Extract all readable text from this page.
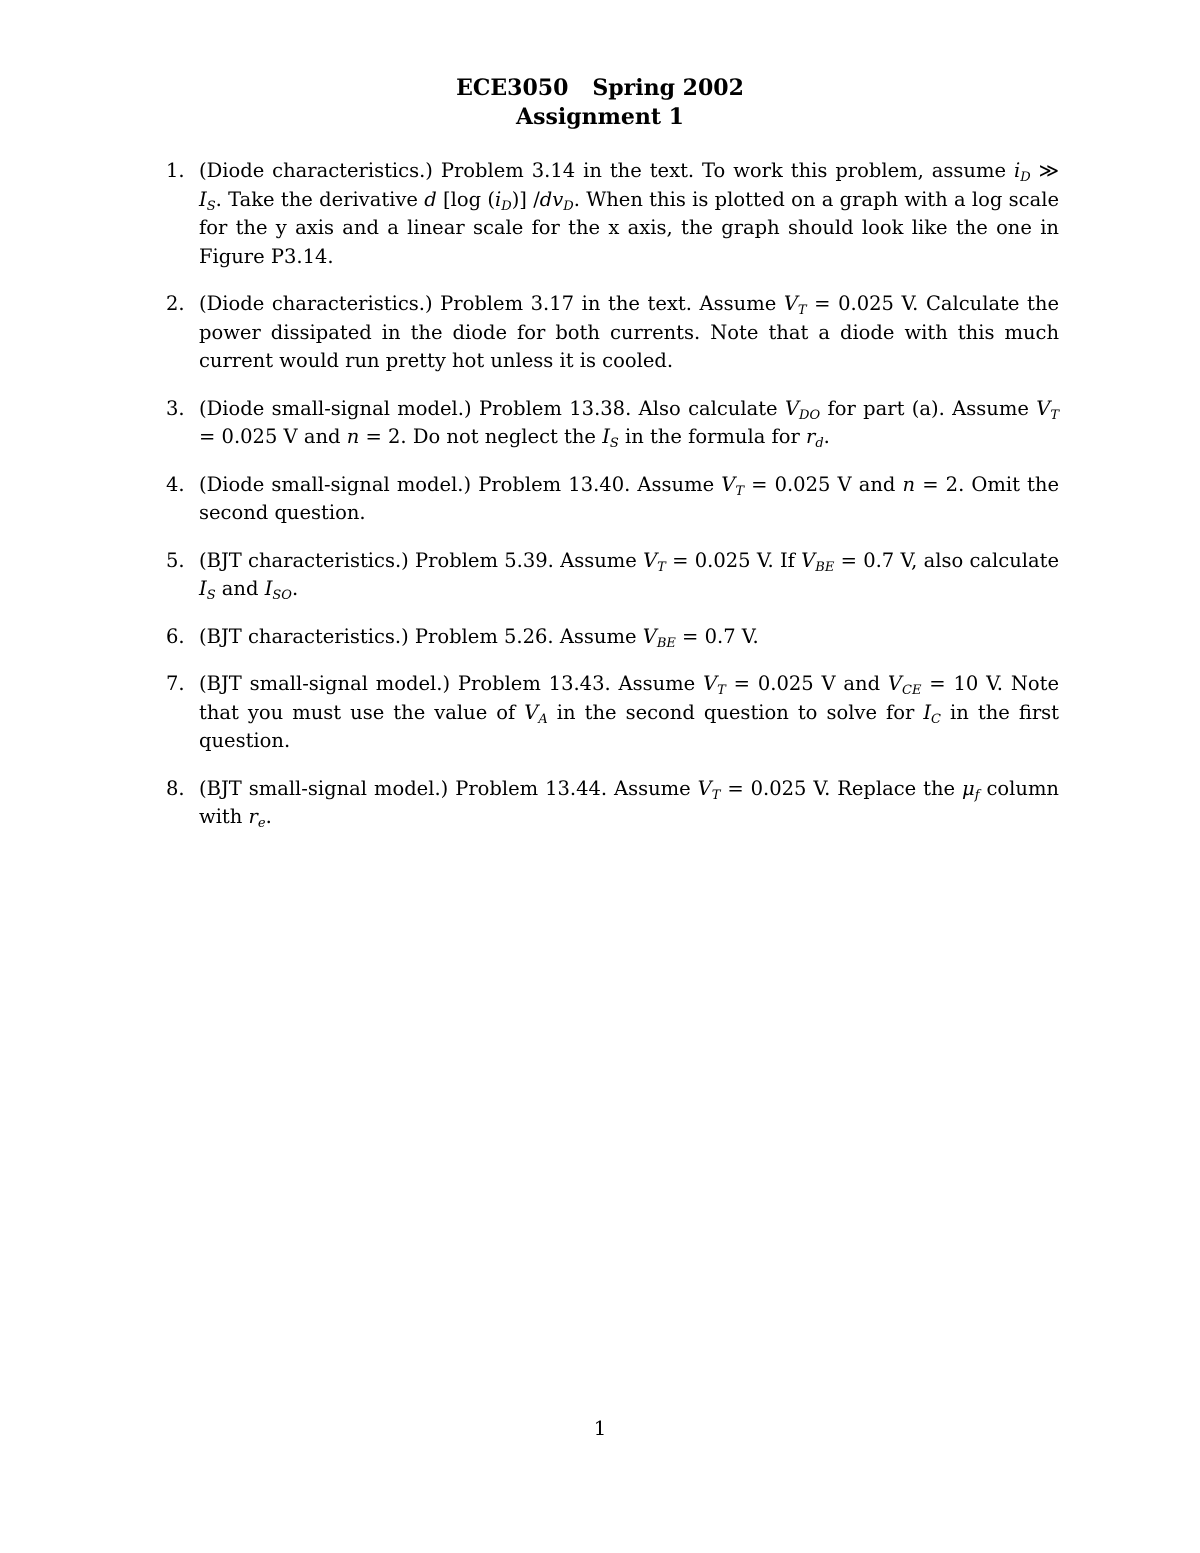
ECE3050 Spring 2002
Assignment 1
1. (Diode characteristics.) Problem 3.14 in the text. To work this problem, assume $i_D$ ≫ $I_S$. Take the derivative d [log $(i_D)$] $/dv_D$. When this is plotted on a graph with a log scale for the y axis and a linear scale for the x axis, the graph should look like the one in Figure P3.14.
2. (Diode characteristics.) Problem 3.17 in the text. Assume $V_T = 0.025$ V. Calculate the power dissipated in the diode for both currents. Note that a diode with this much current would run pretty hot unless it is cooled.
3. (Diode small-signal model.) Problem 13.38. Also calculate $V_{DO}$ for part (a). Assume $V_T = 0.025$ V and n = 2. Do not neglect the $I_S$ in the formula for $r_d$.
4. (Diode small-signal model.) Problem 13.40. Assume $V_T = 0.025$ V and n = 2. Omit the second question.
5. (BJT characteristics.) Problem 5.39. Assume $V_T = 0.025$ V. If $V_{BE} = 0.7$ V, also calculate $I_S$ and $I_{SO}$.
6. (BJT characteristics.) Problem 5.26. Assume $V_{BE} = 0.7$ V.
7. (BJT small-signal model.) Problem 13.43. Assume $V_T = 0.025$ V and $V_{CE} = 10$ V. Note that you must use the value of $V_A$ in the second question to solve for $I_C$ in the first question.
8. (BJT small-signal model.) Problem 13.44. Assume $V_T = 0.025$ V. Replace the $\mu_f$ column with $r_e$.
1
